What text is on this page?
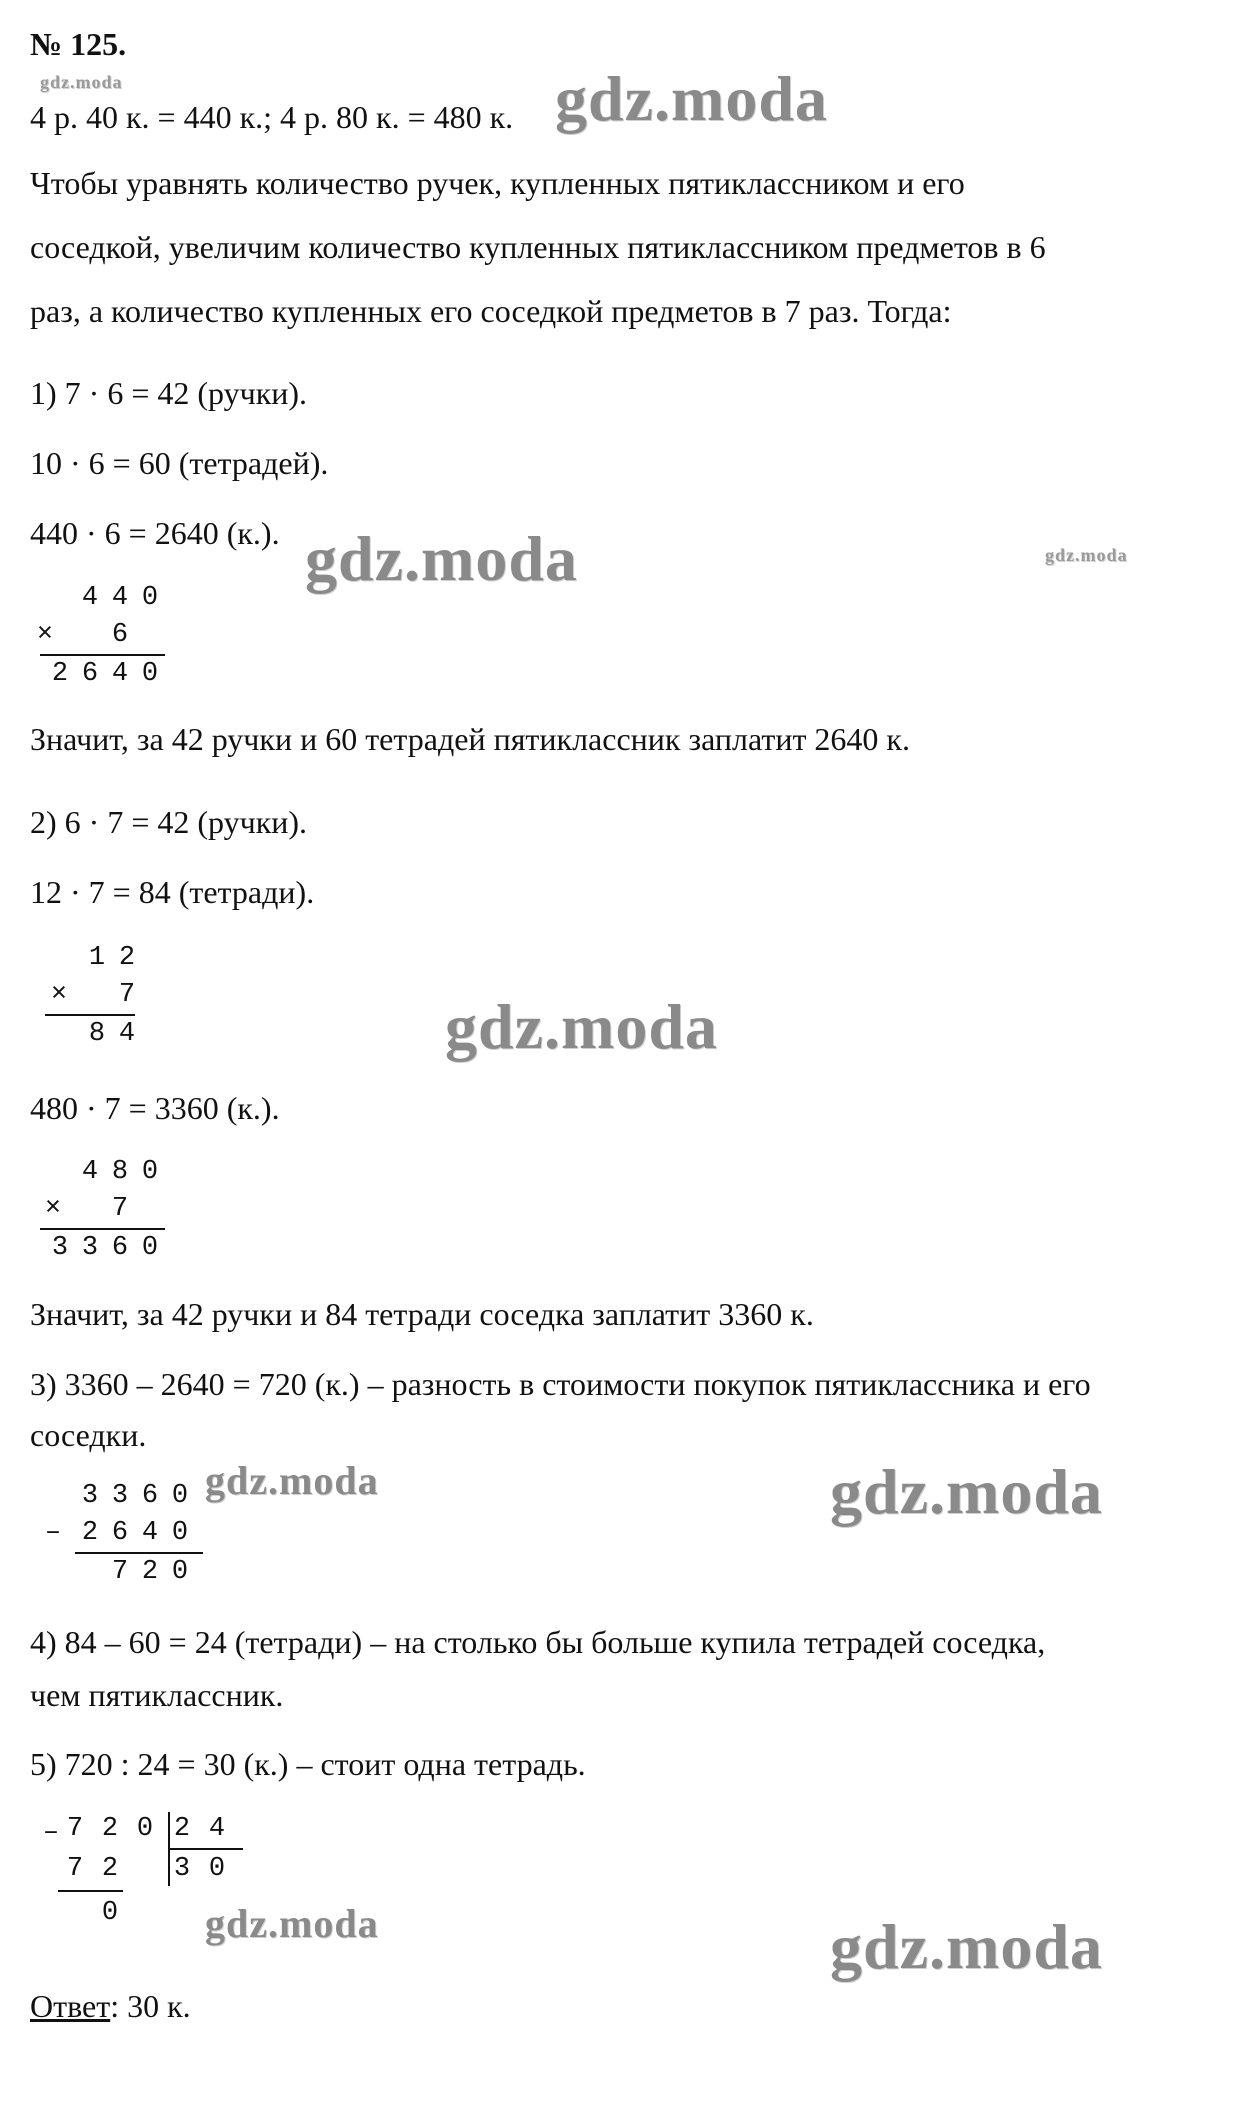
№ 125.
4 р. 40 к. = 440 к.; 4 р. 80 к. = 480 к.
Чтобы уравнять количество ручек, купленных пятиклассником и его
соседкой, увеличим количество купленных пятиклассником предметов в 6
раз, а количество купленных его соседкой предметов в 7 раз. Тогда:
1) 7 · 6 = 42 (ручки).
10 · 6 = 60 (тетрадей).
440 · 6 = 2640 (к.).
4 4 0
× 6
2 6 4 0
Значит, за 42 ручки и 60 тетрадей пятиклассник заплатит 2640 к.
2) 6 · 7 = 42 (ручки).
12 · 7 = 84 (тетради).
1 2
× 7
8 4
480 · 7 = 3360 (к.).
4 8 0
× 7
3 3 6 0
Значит, за 42 ручки и 84 тетради соседка заплатит 3360 к.
3) 3360 – 2640 = 720 (к.) – разность в стоимости покупок пятиклассника и его
соседки.
3 3 6 0
– 2 6 4 0
7 2 0
4) 84 – 60 = 24 (тетради) – на столько бы больше купила тетрадей соседка,
чем пятиклассник.
5) 720 : 24 = 30 (к.) – стоит одна тетрадь.
– 7 2 0 2 4
7 2 3 0
0
Ответ: 30 к.
gdz.moda	gdz.moda
gdz.moda	gdz.moda
gdz.moda
gdz.moda	gdz.moda
gdz.moda	gdz.moda
